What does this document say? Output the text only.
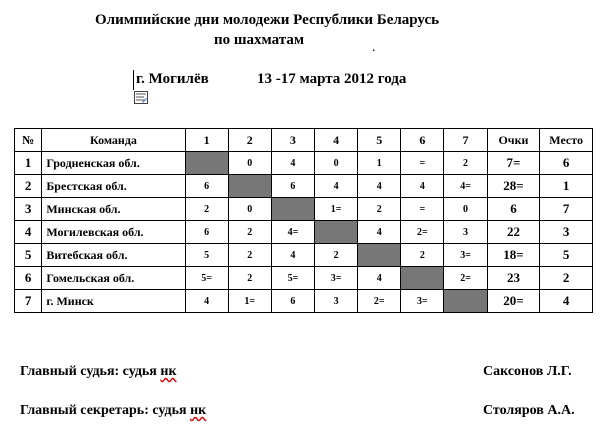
Олимпийские дни молодежи Республики Беларусь
по шахматам	.
г. Могилёв	13 -17 марта 2012 года
№	Команда	1	2	3	4	5	6	7	Очки	Место
1	Гродненская обл.		0	4	0	1	=	2	7=	6
2	Брестская обл.	6		6	4	4	4	4=	28=	1
3	Минская обл.	2	0		1=	2	=	0	6	7
4	Могилевская обл.	6	2	4=		4	2=	3	22	3
5	Витебская обл.	5	2	4	2		2	3=	18=	5
6	Гомельская обл.	5=	2	5=	3=	4		2=	23	2
7	г. Минск	4	1=	6	3	2=	3=		20=	4
Главный судья: судья нк	Саксонов Л.Г.
Главный секретарь: судья нк	Столяров А.А.
